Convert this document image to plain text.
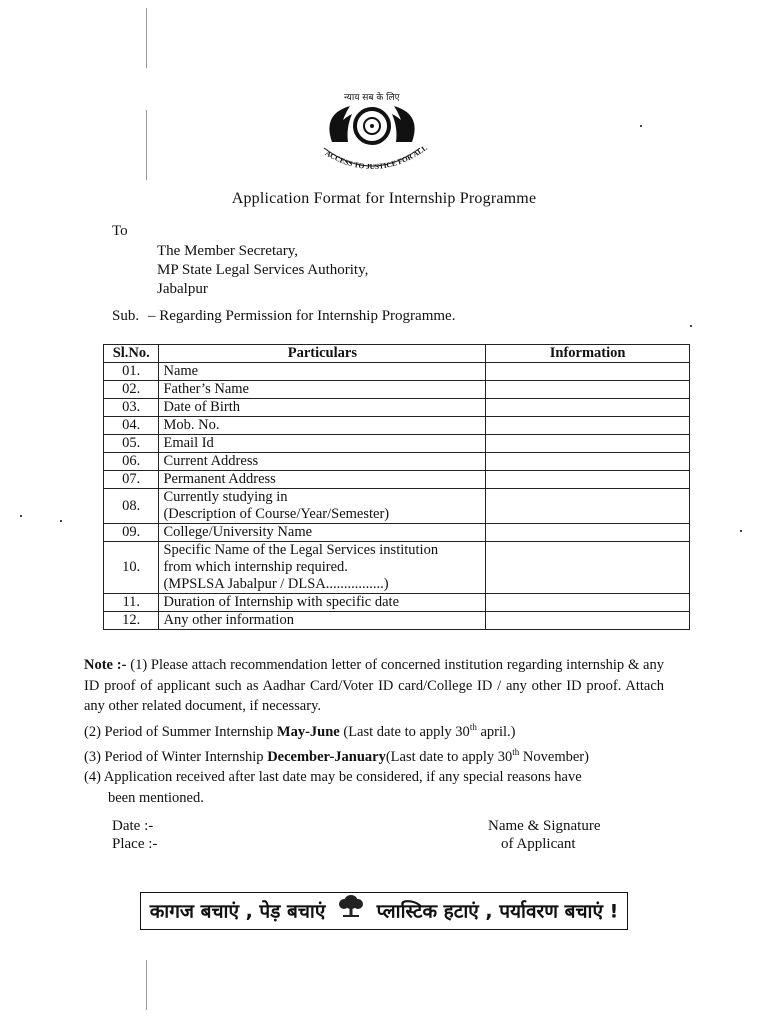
न्याय सब के लिए
ACCESS TO JUSTICE FOR ALL
Application Format for Internship Programme
To
The Member Secretary,
MP State Legal Services Authority,
Jabalpur
Sub. – Regarding Permission for Internship Programme.
Sl.No.	Particulars	Information
01.	Name	
02.	Father’s Name	
03.	Date of Birth	
04.	Mob. No.	
05.	Email Id	
06.	Current Address	
07.	Permanent Address	
08.	Currently studying in
(Description of Course/Year/Semester)	

09.	College/University Name	
10.	Specific Name of the Legal Services institution
from which internship required.
(MPSLSA Jabalpur / DLSA................)	

11.	Duration of Internship with specific date	
12.	Any other information	

Note :- (1) Please attach recommendation letter of concerned institution regarding internship & any ID proof of applicant such as Aadhar Card/Voter ID card/College ID / any other ID proof. Attach any other related document, if necessary.

(2) Period of Summer Internship May-June (Last date to apply 30th april.)

(3) Period of Winter Internship December-January(Last date to apply 30th November)

(4) Application received after last date may be considered, if any special reasons have

been mentioned.

Date :-
Place :-
Name & Signature
of Applicant
कागज बचाएं , पेड़ बचाएं	प्लास्टिक हटाएं , पर्यावरण बचाएं !
